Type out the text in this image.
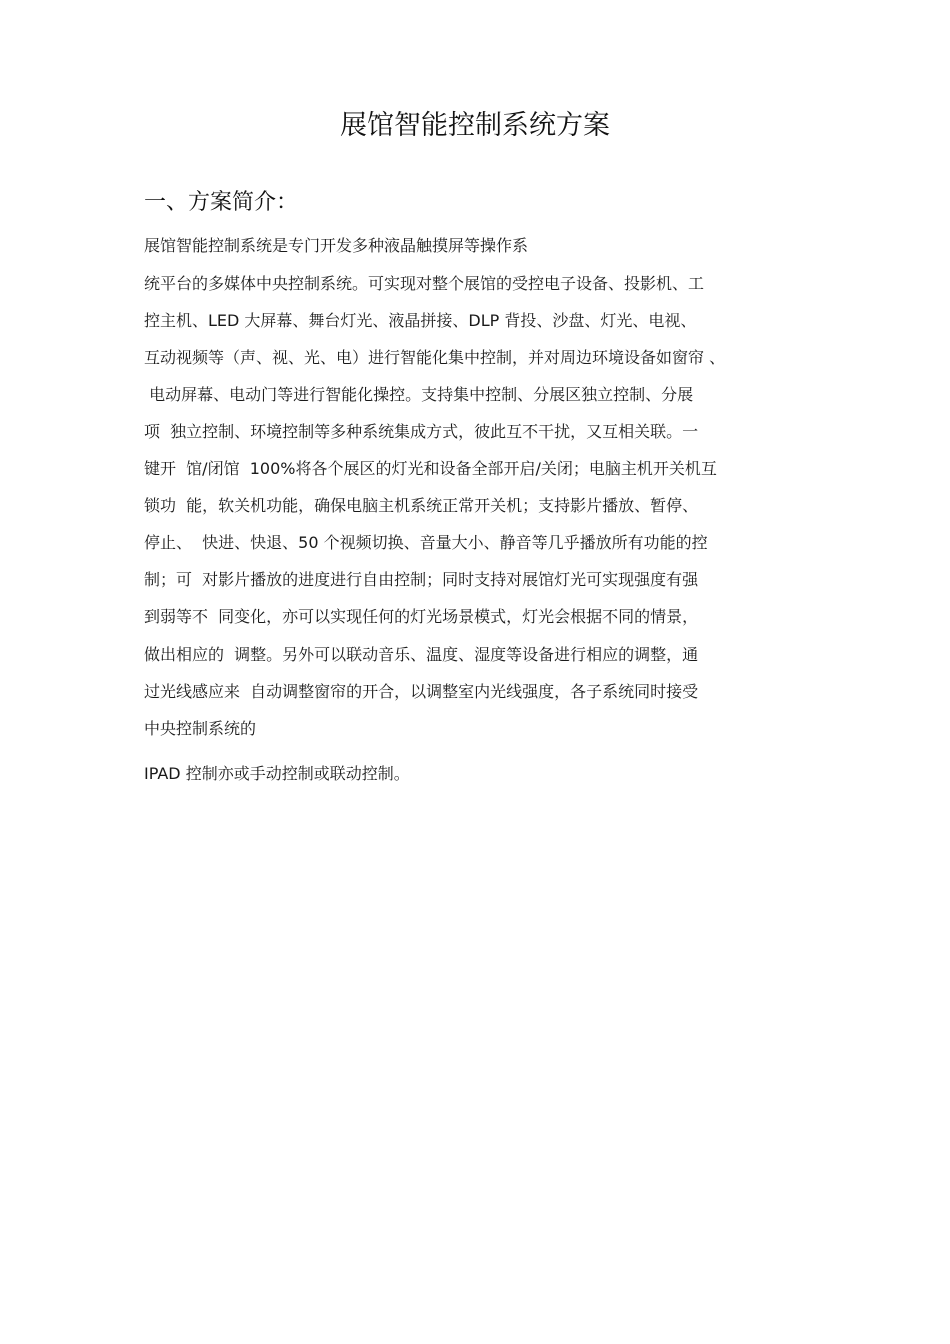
展馆智能控制系统方案
一、方案简介：
展馆智能控制系统是专门开发多种液晶触摸屏等操作系
统平台的多媒体中央控制系统。可实现对整个展馆的受控电子设备、投影机、工
控主机、LED 大屏幕、舞台灯光、液晶拼接、DLP 背投、沙盘、灯光、电视、
互动视频等（声、视、光、电）进行智能化集中控制，并对周边环境设备如窗帘 、
电动屏幕、电动门等进行智能化操控。支持集中控制、分展区独立控制、分展
项  独立控制、环境控制等多种系统集成方式，彼此互不干扰，又互相关联。一
键开  馆/闭馆  100%将各个展区的灯光和设备全部开启/关闭；电脑主机开关机互
锁功  能，软关机功能，确保电脑主机系统正常开关机；支持影片播放、暂停、
停止、  快进、快退、50 个视频切换、音量大小、静音等几乎播放所有功能的控
制；可  对影片播放的进度进行自由控制；同时支持对展馆灯光可实现强度有强
到弱等不  同变化，亦可以实现任何的灯光场景模式，灯光会根据不同的情景，
做出相应的  调整。另外可以联动音乐、温度、湿度等设备进行相应的调整，通
过光线感应来  自动调整窗帘的开合，以调整室内光线强度，各子系统同时接受
中央控制系统的
IPAD 控制亦或手动控制或联动控制。
